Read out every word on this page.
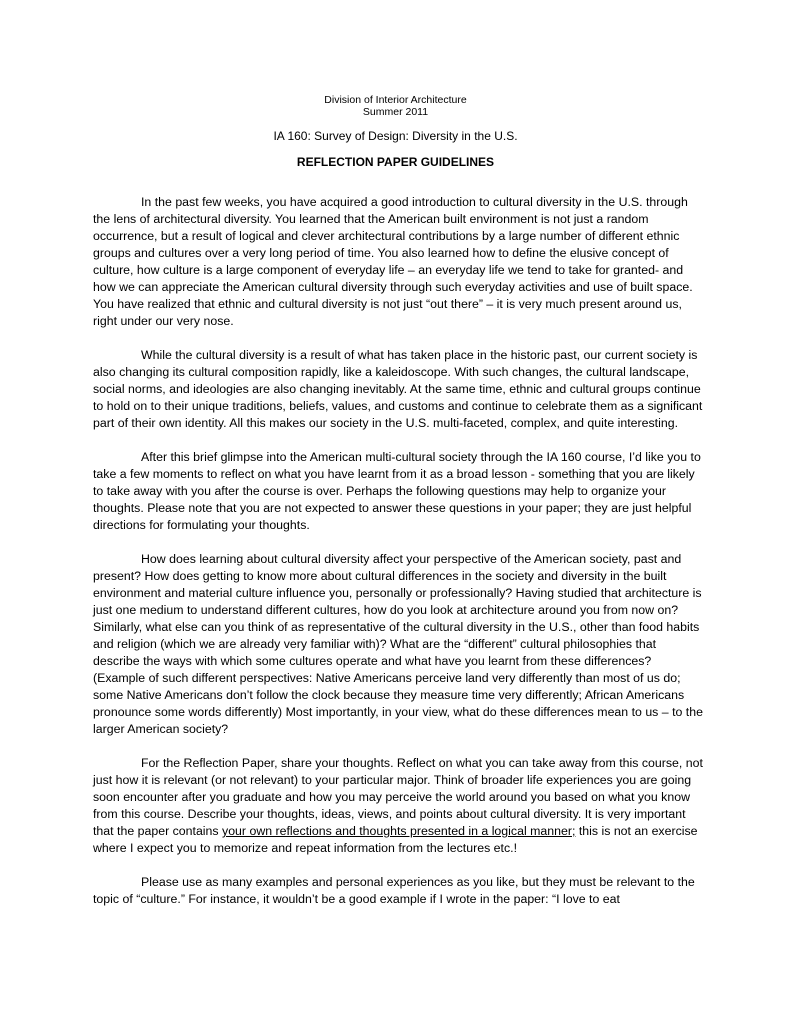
Division of Interior Architecture
Summer 2011
IA 160: Survey of Design: Diversity in the U.S.
REFLECTION PAPER GUIDELINES

In the past few weeks, you have acquired a good introduction to cultural diversity in the U.S. through the lens of architectural diversity. You learned that the American built environment is not just a random occurrence, but a result of logical and clever architectural contributions by a large number of different ethnic groups and cultures over a very long period of time. You also learned how to define the elusive concept of culture, how culture is a large component of everyday life – an everyday life we tend to take for granted- and how we can appreciate the American cultural diversity through such everyday activities and use of built space. You have realized that ethnic and cultural diversity is not just “out there” – it is very much present around us, right under our very nose.

While the cultural diversity is a result of what has taken place in the historic past, our current society is also changing its cultural composition rapidly, like a kaleidoscope. With such changes, the cultural landscape, social norms, and ideologies are also changing inevitably. At the same time, ethnic and cultural groups continue to hold on to their unique traditions, beliefs, values, and customs and continue to celebrate them as a significant part of their own identity. All this makes our society in the U.S. multi-faceted, complex, and quite interesting.

After this brief glimpse into the American multi-cultural society through the IA 160 course, I’d like you to take a few moments to reflect on what you have learnt from it as a broad lesson - something that you are likely to take away with you after the course is over. Perhaps the following questions may help to organize your thoughts. Please note that you are not expected to answer these questions in your paper; they are just helpful directions for formulating your thoughts.

How does learning about cultural diversity affect your perspective of the American society, past and present? How does getting to know more about cultural differences in the society and diversity in the built environment and material culture influence you, personally or professionally? Having studied that architecture is just one medium to understand different cultures, how do you look at architecture around you from now on? Similarly, what else can you think of as representative of the cultural diversity in the U.S., other than food habits and religion (which we are already very familiar with)? What are the “different” cultural philosophies that describe the ways with which some cultures operate and what have you learnt from these differences? (Example of such different perspectives: Native Americans perceive land very differently than most of us do; some Native Americans don’t follow the clock because they measure time very differently; African Americans pronounce some words differently) Most importantly, in your view, what do these differences mean to us – to the larger American society?

For the Reflection Paper, share your thoughts. Reflect on what you can take away from this course, not just how it is relevant (or not relevant) to your particular major. Think of broader life experiences you are going soon encounter after you graduate and how you may perceive the world around you based on what you know from this course. Describe your thoughts, ideas, views, and points about cultural diversity. It is very important that the paper contains your own reflections and thoughts presented in a logical manner; this is not an exercise where I expect you to memorize and repeat information from the lectures etc.!

Please use as many examples and personal experiences as you like, but they must be relevant to the topic of “culture.” For instance, it wouldn’t be a good example if I wrote in the paper: “I love to eat
